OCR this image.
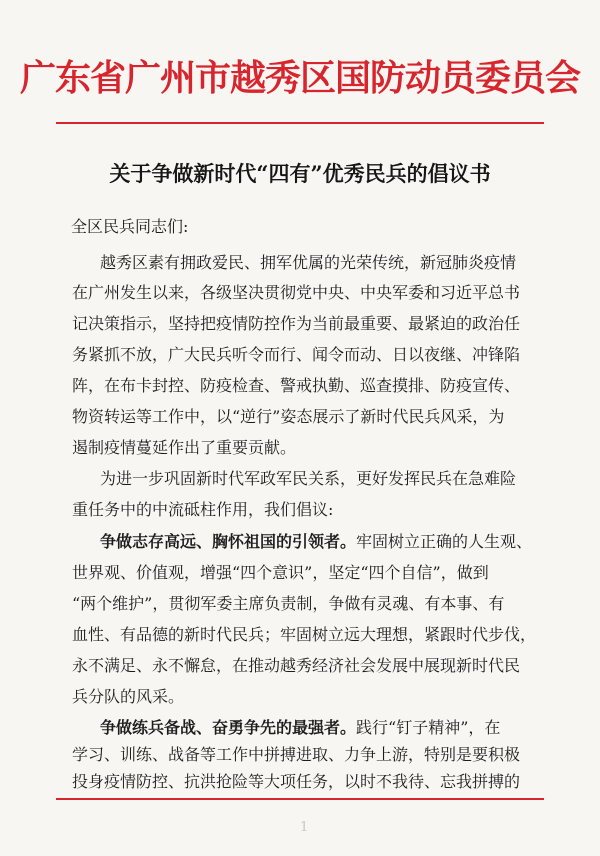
广东省广州市越秀区国防动员委员会
关于争做新时代“四有”优秀民兵的倡议书
全区民兵同志们:
越秀区素有拥政爱民、拥军优属的光荣传统，新冠肺炎疫情
在广州发生以来，各级坚决贯彻党中央、中央军委和习近平总书
记决策指示，坚持把疫情防控作为当前最重要、最紧迫的政治任
务紧抓不放，广大民兵听令而行、闻令而动、日以夜继、冲锋陷
阵，在布卡封控、防疫检查、警戒执勤、巡查摸排、防疫宣传、
物资转运等工作中，以“逆行”姿态展示了新时代民兵风采，为
遏制疫情蔓延作出了重要贡献。
为进一步巩固新时代军政军民关系，更好发挥民兵在急难险
重任务中的中流砥柱作用，我们倡议:
争做志存高远、胸怀祖国的引领者。牢固树立正确的人生观、
世界观、价值观，增强“四个意识”，坚定“四个自信”，做到
“两个维护”，贯彻军委主席负责制，争做有灵魂、有本事、有
血性、有品德的新时代民兵；牢固树立远大理想，紧跟时代步伐，
永不满足、永不懈怠，在推动越秀经济社会发展中展现新时代民
兵分队的风采。
争做练兵备战、奋勇争先的最强者。践行“钉子精神”，在
学习、训练、战备等工作中拼搏进取、力争上游，特别是要积极
1
投身疫情防控、抗洪抢险等大项任务，以时不我待、忘我拼搏的
